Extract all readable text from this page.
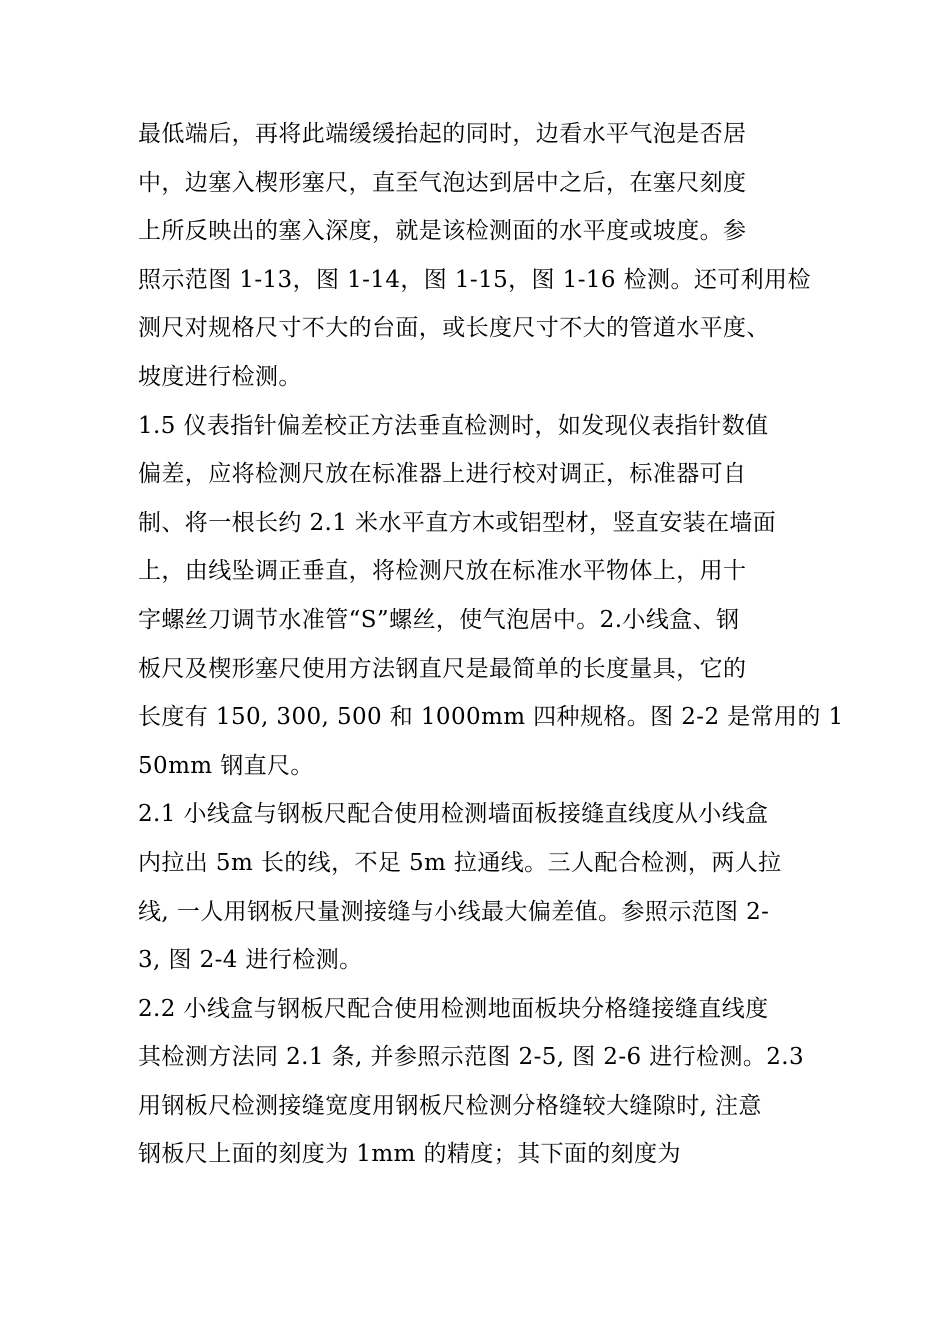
最低端后，再将此端缓缓抬起的同时，边看水平气泡是否居
中，边塞入楔形塞尺，直至气泡达到居中之后，在塞尺刻度
上所反映出的塞入深度，就是该检测面的水平度或坡度。参
照示范图 1-13，图 1-14，图 1-15，图 1-16 检测。还可利用检
测尺对规格尺寸不大的台面，或长度尺寸不大的管道水平度、
坡度进行检测。
1.5 仪表指针偏差校正方法垂直检测时，如发现仪表指针数值
偏差，应将检测尺放在标准器上进行校对调正，标准器可自
制、将一根长约 2.1 米水平直方木或铝型材，竖直安装在墙面
上，由线坠调正垂直，将检测尺放在标准水平物体上，用十
字螺丝刀调节水准管“S”螺丝，使气泡居中。2.小线盒、钢
板尺及楔形塞尺使用方法钢直尺是最简单的长度量具，它的
长度有 150, 300, 500 和 1000mm 四种规格。图 2-2 是常用的 1
50mm 钢直尺。
2.1 小线盒与钢板尺配合使用检测墙面板接缝直线度从小线盒
内拉出 5m 长的线，不足 5m 拉通线。三人配合检测，两人拉
线, 一人用钢板尺量测接缝与小线最大偏差值。参照示范图 2-
3, 图 2-4 进行检测。
2.2 小线盒与钢板尺配合使用检测地面板块分格缝接缝直线度
其检测方法同 2.1 条, 并参照示范图 2-5, 图 2-6 进行检测。2.3
用钢板尺检测接缝宽度用钢板尺检测分格缝较大缝隙时, 注意
钢板尺上面的刻度为 1mm 的精度；其下面的刻度为
